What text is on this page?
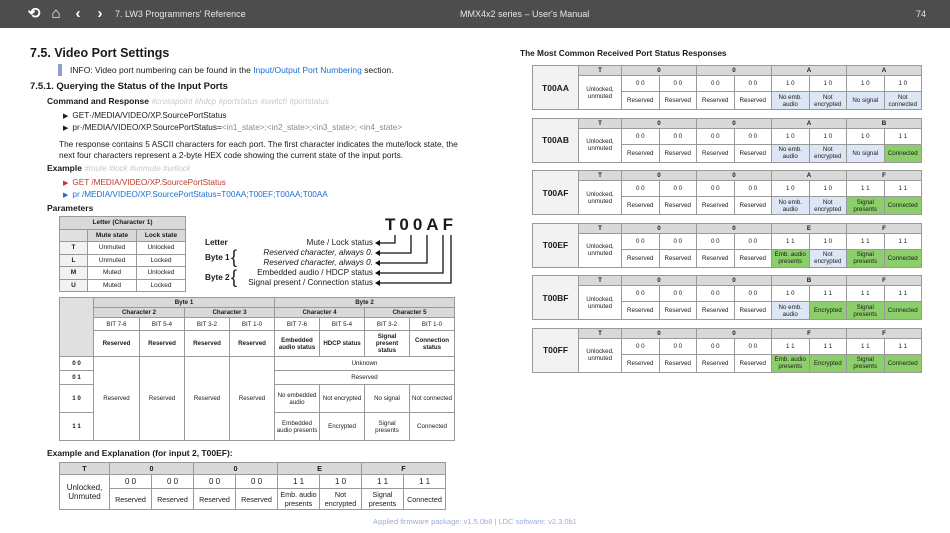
⟲ ⌂ ‹	›	7. LW3 Programmers' Reference	MMX4x2 series – User's Manual	74
7.5. Video Port Settings
INFO: Video port numbering can be found in the Input/Output Port Numbering section.
7.5.1. Querying the Status of the Input Ports
Command and Response #crosspoint #hdcp #portstatus #switch #portstatus
▶ GET·/MEDIA/VIDEO/XP.SourcePortStatus
▶ pr·/MEDIA/VIDEO/XP.SourcePortStatus=<in1_state>;<in2_state>;<in3_state>; <in4_state>
The response contains 5 ASCII characters for each port. The first character indicates the mute/lock state, the next four characters represent a 2-byte HEX code showing the current state of the input ports.
Example #mute #lock #unmute #unlock
▶ GET /MEDIA/VIDEO/XP.SourcePortStatus
▶ pr /MEDIA/VIDEO/XP.SourcePortStatus=T00AA;T00EF;T00AA;T00AA
Parameters
Letter (Character 1)		
	Mute state	Lock state
T	Unmuted	Unlocked
L	Unmuted	Locked
M	Muted	Unlocked
U	Muted	Locked
T00AF
Letter
Byte 1
Byte 2
{
{
Mute / Lock status
Reserved character, always 0.
Reserved character, always 0.
Embedded audio / HDCP status
Signal present / Connection status
	Byte 1				Byte 2			
	Character 2		Character 3		Character 4		Character 5	
	BIT 7-6	BIT 5-4	BIT 3-2	BIT 1-0	BIT 7-6	BIT 5-4	BIT 3-2	BIT 1-0
	Reserved	Reserved	Reserved	Reserved	Embedded audio status	HDCP status	Signal present status	Connection status
0 0	Reserved	Reserved	Reserved	Reserved	Unknown			
0 1					Reserved			
1 0					No embedded audio	Not encrypted	No signal	Not connected
1 1					Embedded audio presents	Encrypted	Signal presents	Connected
Example and Explanation (for input 2, T00EF):
T	0		0		E		F	
Unlocked, Unmuted	0 0	0 0	0 0	0 0	1 1	1 0	1 1	1 1
	Reserved	Reserved	Reserved	Reserved	Emb. audio presents	Not encrypted	Signal presents	Connected
The Most Common Received Port Status Responses
T00AA	T	0		0		A		A	
	Unlocked, unmuted	0 0	0 0	0 0	0 0	1 0	1 0	1 0	1 0
		Reserved	Reserved	Reserved	Reserved	No emb. audio	Not encrypted	No signal	Not connected
T00AB	T	0		0		A		B	
	Unlocked, unmuted	0 0	0 0	0 0	0 0	1 0	1 0	1 0	1 1
		Reserved	Reserved	Reserved	Reserved	No emb. audio	Not encrypted	No signal	Connected
T00AF	T	0		0		A		F	
	Unlocked, unmuted	0 0	0 0	0 0	0 0	1 0	1 0	1 1	1 1
		Reserved	Reserved	Reserved	Reserved	No emb. audio	Not encrypted	Signal presents	Connected
T00EF	T	0		0		E		F	
	Unlocked, unmuted	0 0	0 0	0 0	0 0	1 1	1 0	1 1	1 1
		Reserved	Reserved	Reserved	Reserved	Emb. audio presents	Not encrypted	Signal presents	Connected
T00BF	T	0		0		B		F	
	Unlocked, unmuted	0 0	0 0	0 0	0 0	1 0	1 1	1 1	1 1
		Reserved	Reserved	Reserved	Reserved	No emb. audio	Encrypted	Signal presents	Connected
T00FF	T	0		0		F		F	
	Unlocked, unmuted	0 0	0 0	0 0	0 0	1 1	1 1	1 1	1 1
		Reserved	Reserved	Reserved	Reserved	Emb. audio presents	Encrypted	Signal presents	Connected
Applied firmware package: v1.5.0b8 | LDC software: v2.3.0b1
